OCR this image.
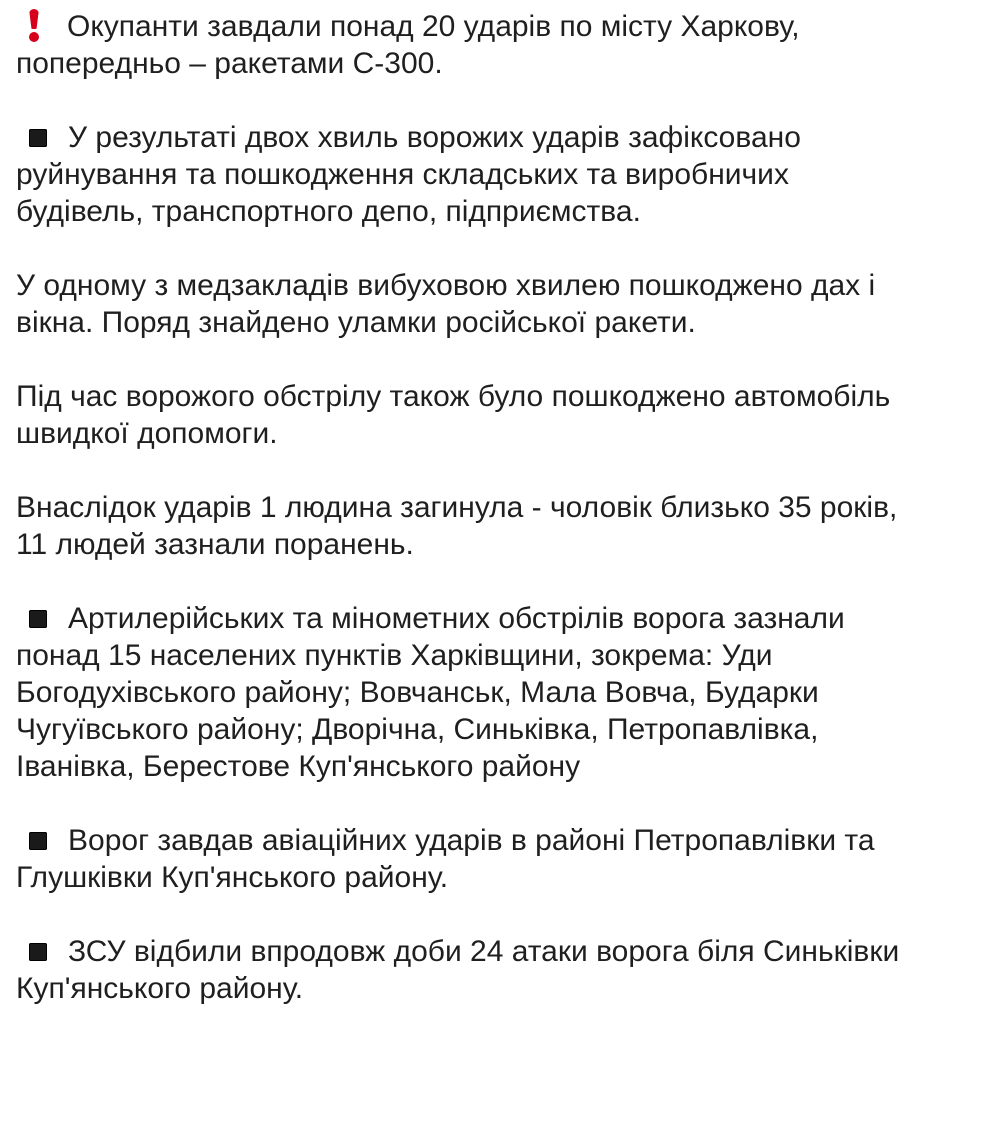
Окупанти завдали понад 20 ударів по місту Харкову,
попередньо – ракетами С-300.

У результаті двох хвиль ворожих ударів зафіксовано
руйнування та пошкодження складських та виробничих
будівель, транспортного депо, підприємства.

У одному з медзакладів вибуховою хвилею пошкоджено дах і
вікна. Поряд знайдено уламки російської ракети.

Під час ворожого обстрілу також було пошкоджено автомобіль
швидкої допомоги.

Внаслідок ударів 1 людина загинула - чоловік близько 35 років,
11 людей зазнали поранень.

Артилерійських та мінометних обстрілів ворога зазнали
понад 15 населених пунктів Харківщини, зокрема: Уди
Богодухівського району; Вовчанськ, Мала Вовча, Бударки
Чугуївського району; Дворічна, Синьківка, Петропавлівка,
Іванівка, Берестове Куп'янського району

Ворог завдав авіаційних ударів в районі Петропавлівки та
Глушківки Куп'янського району.

ЗСУ відбили впродовж доби 24 атаки ворога біля Синьківки
Куп'янського району.
